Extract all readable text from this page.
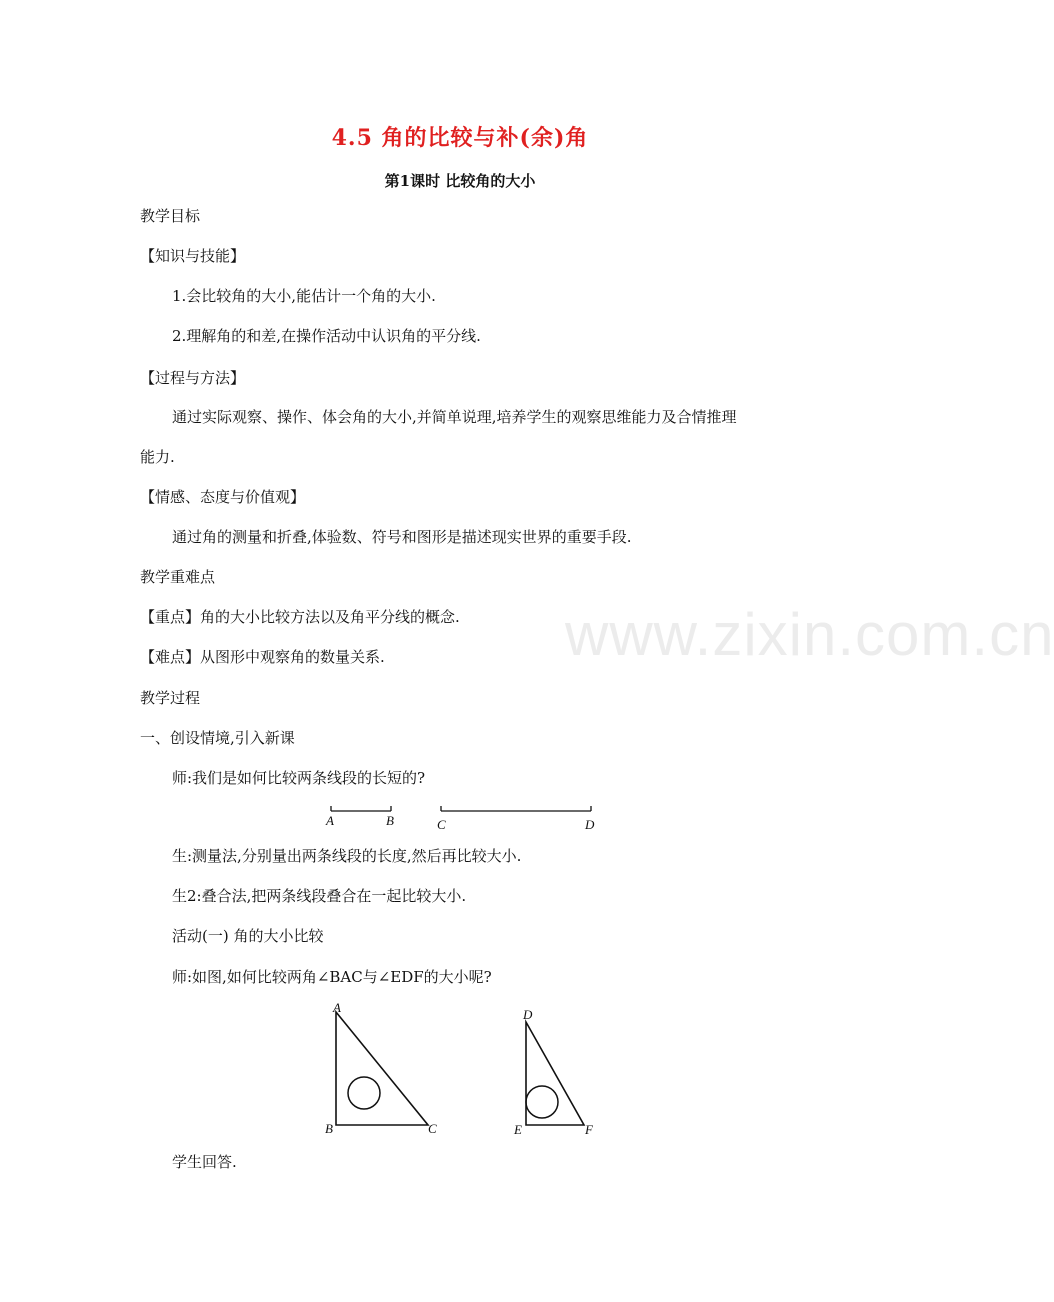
4.5 角的比较与补(余)角
第1课时 比较角的大小
www.zixin.com.cn
教学目标
【知识与技能】
1.会比较角的大小,能估计一个角的大小.
2.理解角的和差,在操作活动中认识角的平分线.
【过程与方法】
通过实际观察、操作、体会角的大小,并简单说理,培养学生的观察思维能力及合情推理
能力.
【情感、态度与价值观】
通过角的测量和折叠,体验数、符号和图形是描述现实世界的重要手段.
教学重难点
【重点】角的大小比较方法以及角平分线的概念.
【难点】从图形中观察角的数量关系.
教学过程
一、创设情境,引入新课
师:我们是如何比较两条线段的长短的?
A	B	C	D
A
B	C
D
E	F
生:测量法,分别量出两条线段的长度,然后再比较大小.
生2:叠合法,把两条线段叠合在一起比较大小.
活动(一) 角的大小比较
师:如图,如何比较两角∠BAC与∠EDF的大小呢?
学生回答.
